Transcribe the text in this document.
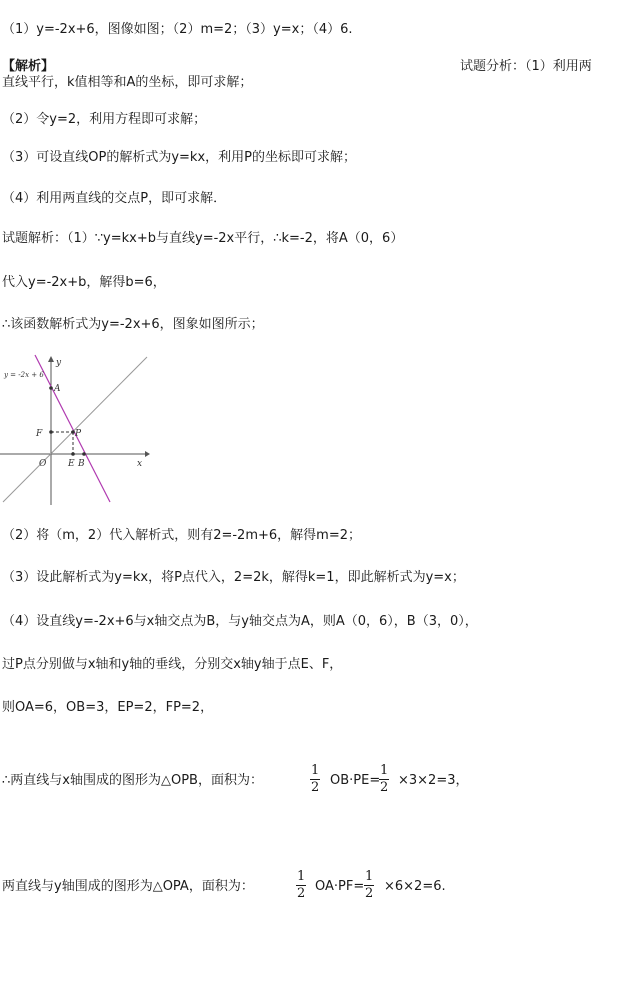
（1）y=-2x+6，图像如图；（2）m=2；（3）y=x；（4）6.
【解析】	试题分析：（1）利用两
直线平行，k值相等和A的坐标，即可求解；
（2）令y=2，利用方程即可求解；
（3）可设直线OP的解析式为y=kx，利用P的坐标即可求解；
（4）利用两直线的交点P，即可求解．
试题解析：（1）∵y=kx+b与直线y=-2x平行，∴k=-2，将A（0，6）
代入y=-2x+b，解得b=6，
∴该函数解析式为y=-2x+6，图象如图所示；
y = -2x + 6
y
x
A
F	P
O E B
（2）将（m，2）代入解析式，则有2=-2m+6，解得m=2；
（3）设此解析式为y=kx，将P点代入，2=2k，解得k=1，即此解析式为y=x；
（4）设直线y=-2x+6与x轴交点为B，与y轴交点为A，则A（0，6），B（3，0），
过P点分别做与x轴和y轴的垂线，分别交x轴y轴于点E、F，
则OA=6，OB=3，EP=2，FP=2，
∴两直线与x轴围成的图形为△OPB，面积为：	$\frac{1}{2} OB\cdot PE=$
$\frac{1}{2} \times 3\times 2=3$，
两直线与y轴围成的图形为△OPA，面积为：	$\frac{1}{2} OA\cdot PF= \frac{1}{2} \times 6\times 2=6$.
